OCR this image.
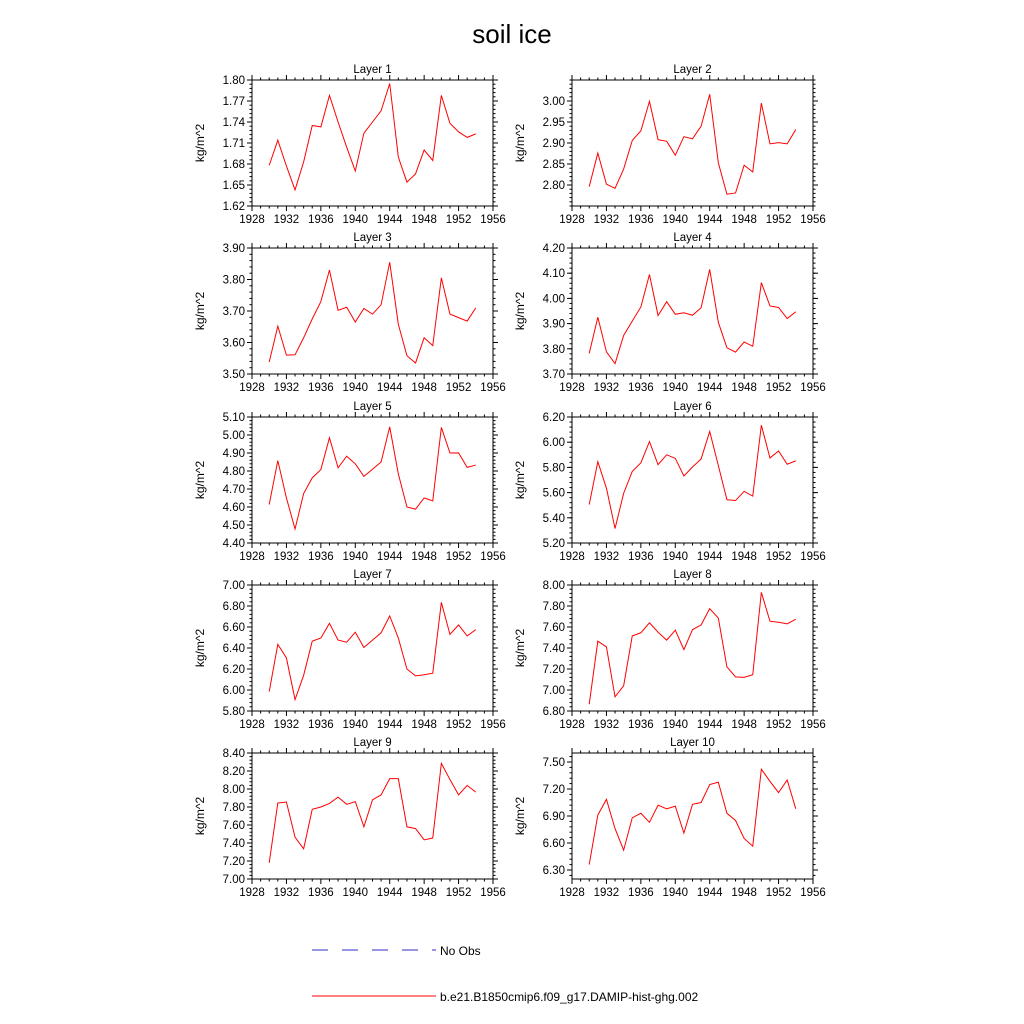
soil ice
Layer 1
kg/m^2
1928 1932 1936 1940 1944 1948 1952 1956
1.62
1.65
1.68
1.71
1.74
1.77
1.80
Layer 2
kg/m^2
1928 1932 1936 1940 1944 1948 1952 1956
2.80
2.85
2.90
2.95
3.00
Layer 3
kg/m^2
1928 1932 1936 1940 1944 1948 1952 1956
3.50
3.60
3.70
3.80
3.90
Layer 4
kg/m^2
1928 1932 1936 1940 1944 1948 1952 1956
3.70
3.80
3.90
4.00
4.10
4.20
Layer 5
kg/m^2
1928 1932 1936 1940 1944 1948 1952 1956
4.40
4.50
4.60
4.70
4.80
4.90
5.00
5.10
Layer 6
kg/m^2
1928 1932 1936 1940 1944 1948 1952 1956
5.20
5.40
5.60
5.80
6.00
6.20
Layer 7
kg/m^2
1928 1932 1936 1940 1944 1948 1952 1956
5.80
6.00
6.20
6.40
6.60
6.80
7.00
Layer 8
kg/m^2
1928 1932 1936 1940 1944 1948 1952 1956
6.80
7.00
7.20
7.40
7.60
7.80
8.00
Layer 9
kg/m^2
1928 1932 1936 1940 1944 1948 1952 1956
7.00
7.20
7.40
7.60
7.80
8.00
8.20
8.40
Layer 10
kg/m^2
1928 1932 1936 1940 1944 1948 1952 1956
6.30
6.60
6.90
7.20
7.50
No Obs
b.e21.B1850cmip6.f09_g17.DAMIP-hist-ghg.002
